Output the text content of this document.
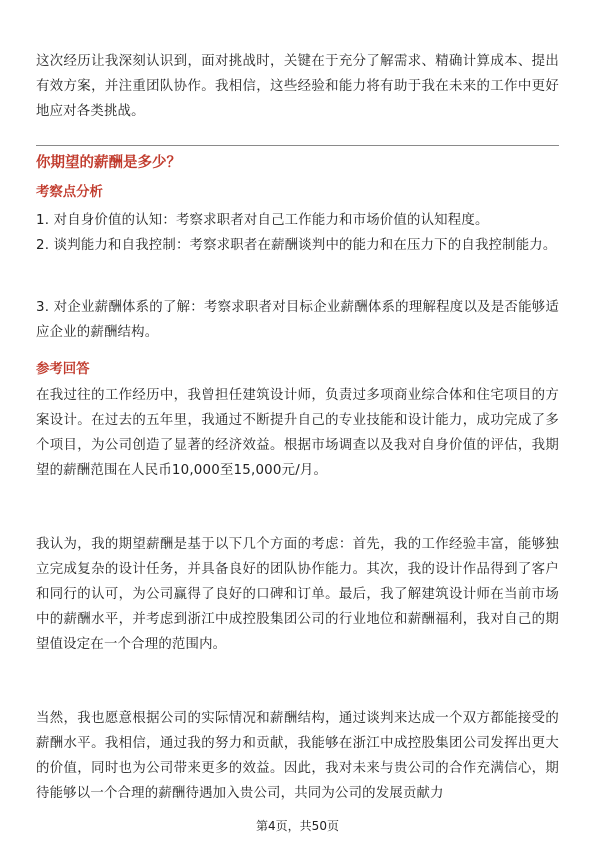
这次经历让我深刻认识到，面对挑战时，关键在于充分了解需求、精确计算成本、提出有效方案，并注重团队协作。我相信，这些经验和能力将有助于我在未来的工作中更好地应对各类挑战。

你期望的薪酬是多少？
考察点分析

1. 对自身价值的认知：考察求职者对自己工作能力和市场价值的认知程度。

2. 谈判能力和自我控制：考察求职者在薪酬谈判中的能力和在压力下的自我控制能力。

3. 对企业薪酬体系的了解：考察求职者对目标企业薪酬体系的理解程度以及是否能够适应企业的薪酬结构。

参考回答

在我过往的工作经历中，我曾担任建筑设计师，负责过多项商业综合体和住宅项目的方案设计。在过去的五年里，我通过不断提升自己的专业技能和设计能力，成功完成了多个项目，为公司创造了显著的经济效益。根据市场调查以及我对自身价值的评估，我期望的薪酬范围在人民币10,000至15,000元/月。

我认为，我的期望薪酬是基于以下几个方面的考虑：首先，我的工作经验丰富，能够独立完成复杂的设计任务，并具备良好的团队协作能力。其次，我的设计作品得到了客户和同行的认可，为公司赢得了良好的口碑和订单。最后，我了解建筑设计师在当前市场中的薪酬水平，并考虑到浙江中成控股集团公司的行业地位和薪酬福利，我对自己的期望值设定在一个合理的范围内。

当然，我也愿意根据公司的实际情况和薪酬结构，通过谈判来达成一个双方都能接受的薪酬水平。我相信，通过我的努力和贡献，我能够在浙江中成控股集团公司发挥出更大的价值，同时也为公司带来更多的效益。因此，我对未来与贵公司的合作充满信心，期待能够以一个合理的薪酬待遇加入贵公司，共同为公司的发展贡献力

第4页，共50页
